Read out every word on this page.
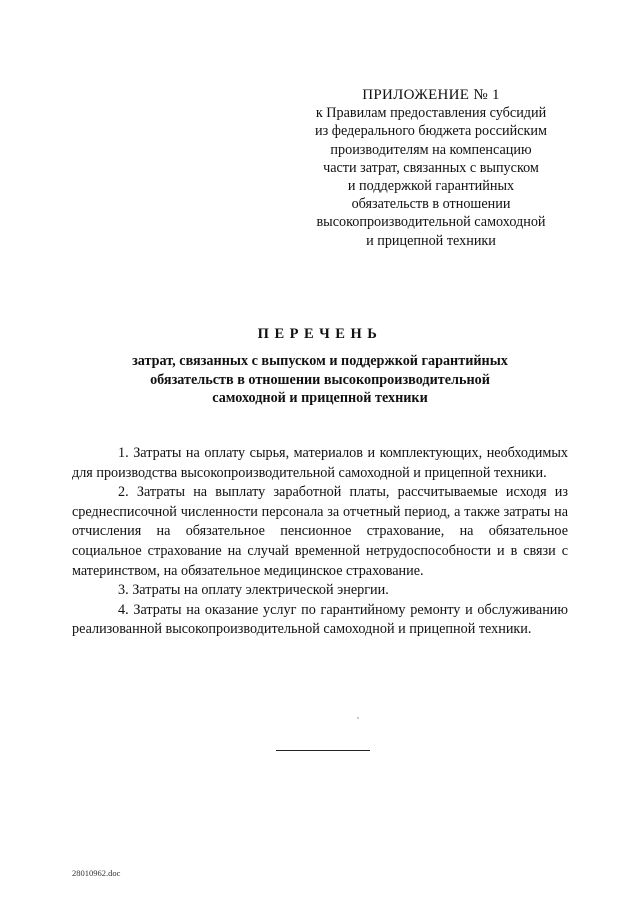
ПРИЛОЖЕНИЕ № 1
к Правилам предоставления субсидий
из федерального бюджета российским
производителям на компенсацию
части затрат, связанных с выпуском
и поддержкой гарантийных
обязательств в отношении
высокопроизводительной самоходной
и прицепной техники
ПЕРЕЧЕНЬ
затрат, связанных с выпуском и поддержкой гарантийных
обязательств в отношении высокопроизводительной
самоходной и прицепной техники

1. Затраты на оплату сырья, материалов и комплектующих, необходимых для производства высокопроизводительной самоходной и прицепной техники.

2. Затраты на выплату заработной платы, рассчитываемые исходя из среднесписочной численности персонала за отчетный период, а также затраты на отчисления на обязательное пенсионное страхование, на обязательное социальное страхование на случай временной нетрудоспособности и в связи с материнством, на обязательное медицинское страхование.

3. Затраты на оплату электрической энергии.

4. Затраты на оказание услуг по гарантийному ремонту и обслуживанию реализованной высокопроизводительной самоходной и прицепной техники.

28010962.doc
